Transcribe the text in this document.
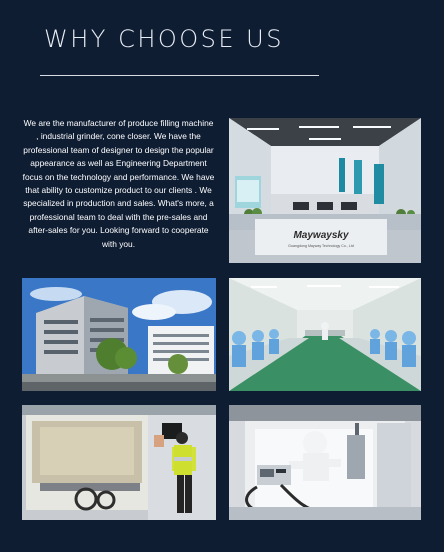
WHY CHOOSE US

We are the manufacturer of produce filling machine , industrial grinder, cone closer. We have the professional team of designer to design the popular appearance as well as Engineering Department focus on the technology and performance. We have that ability to customize product to our clients . We specialized in production and sales. What's more, a professional team to deal with the pre-sales and after-sales for you. Looking forward to cooperate with you.

Maywaysky
Guangdong Mayway Technology Co., Ltd
